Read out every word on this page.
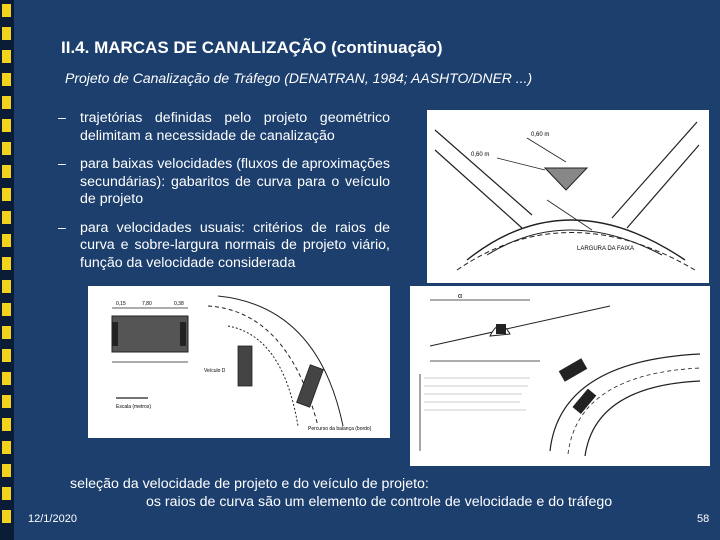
II.4. MARCAS DE CANALIZAÇÃO (continuação)
Projeto de Canalização de Tráfego (DENATRAN, 1984; AASHTO/DNER ...)
– trajetórias definidas pelo projeto geométrico delimitam a necessidade de canalização
– para baixas velocidades (fluxos de aproximações secundárias): gabaritos de curva para o veículo de projeto
– para velocidades usuais: critérios de raios de curva e sobre-largura normais de projeto viário, função da velocidade considerada
0,60 m
0,60 m
LARGURA DA FAIXA
0,15	7,80	0,38
Veículo D
Escala (metros)
Percurso da balança (bordo)
α
seleção da velocidade de projeto e do veículo de projeto:
os raios de curva são um elemento de controle de velocidade e do tráfego
12/1/2020	58
